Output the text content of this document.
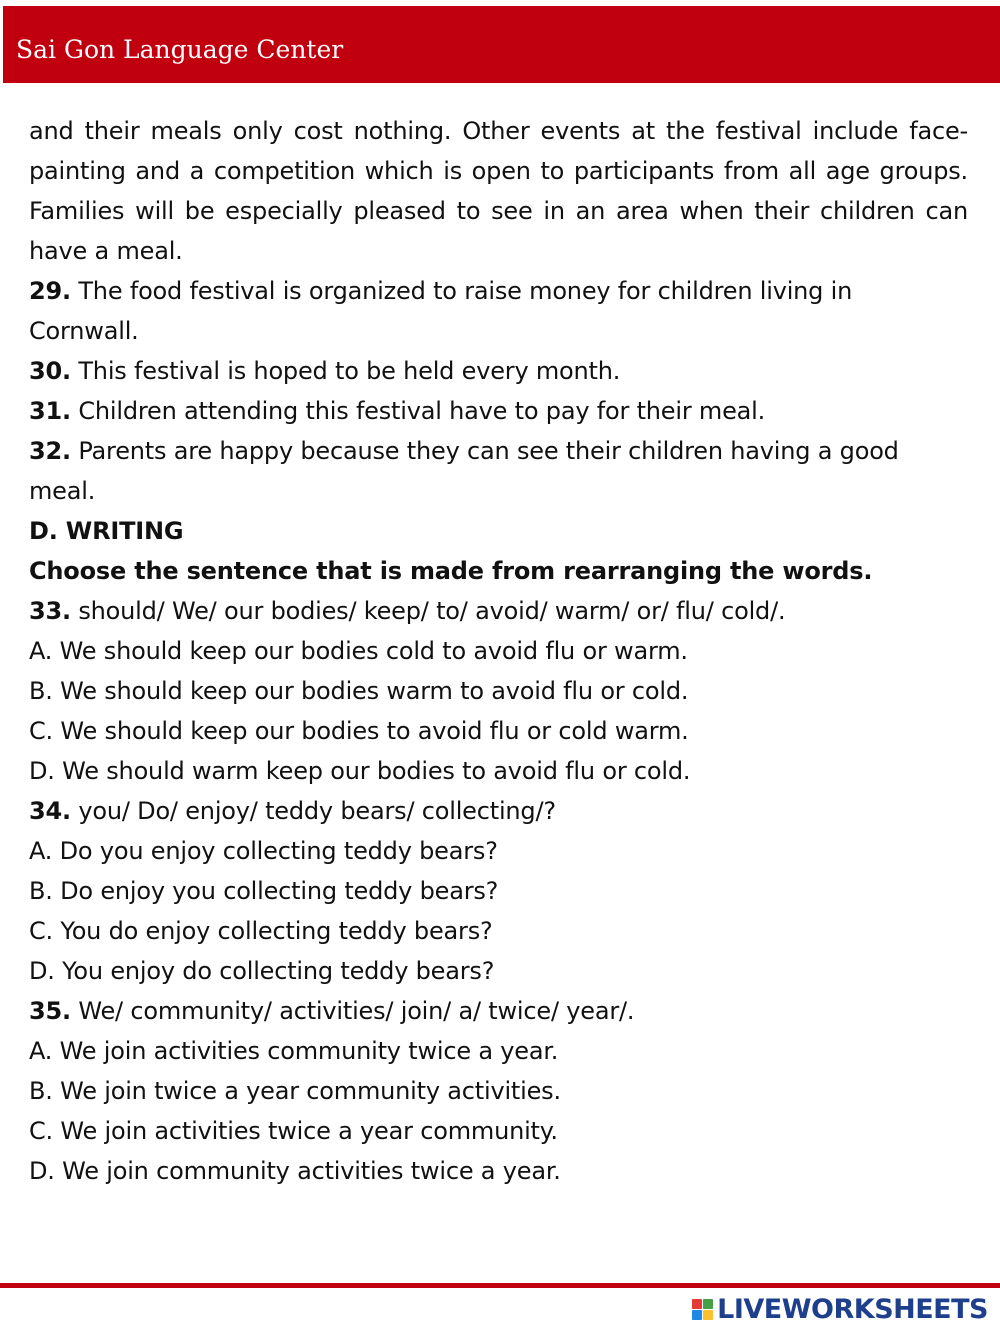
Sai Gon Language Center

and their meals only cost nothing. Other events at the festival include face-painting and a competition which is open to participants from all age groups. Families will be especially pleased to see in an area when their children can have a meal.

29. The food festival is organized to raise money for children living in Cornwall.

30. This festival is hoped to be held every month.

31. Children attending this festival have to pay for their meal.

32. Parents are happy because they can see their children having a good meal.

D. WRITING

Choose the sentence that is made from rearranging the words.

33. should/ We/ our bodies/ keep/ to/ avoid/ warm/ or/ flu/ cold/.

A. We should keep our bodies cold to avoid flu or warm.

B. We should keep our bodies warm to avoid flu or cold.

C. We should keep our bodies to avoid flu or cold warm.

D. We should warm keep our bodies to avoid flu or cold.

34. you/ Do/ enjoy/ teddy bears/ collecting/?

A. Do you enjoy collecting teddy bears?

B. Do enjoy you collecting teddy bears?

C. You do enjoy collecting teddy bears?

D. You enjoy do collecting teddy bears?

35. We/ community/ activities/ join/ a/ twice/ year/.

A. We join activities community twice a year.

B. We join twice a year community activities.

C. We join activities twice a year community.

D. We join community activities twice a year.

LIVEWORKSHEETS
